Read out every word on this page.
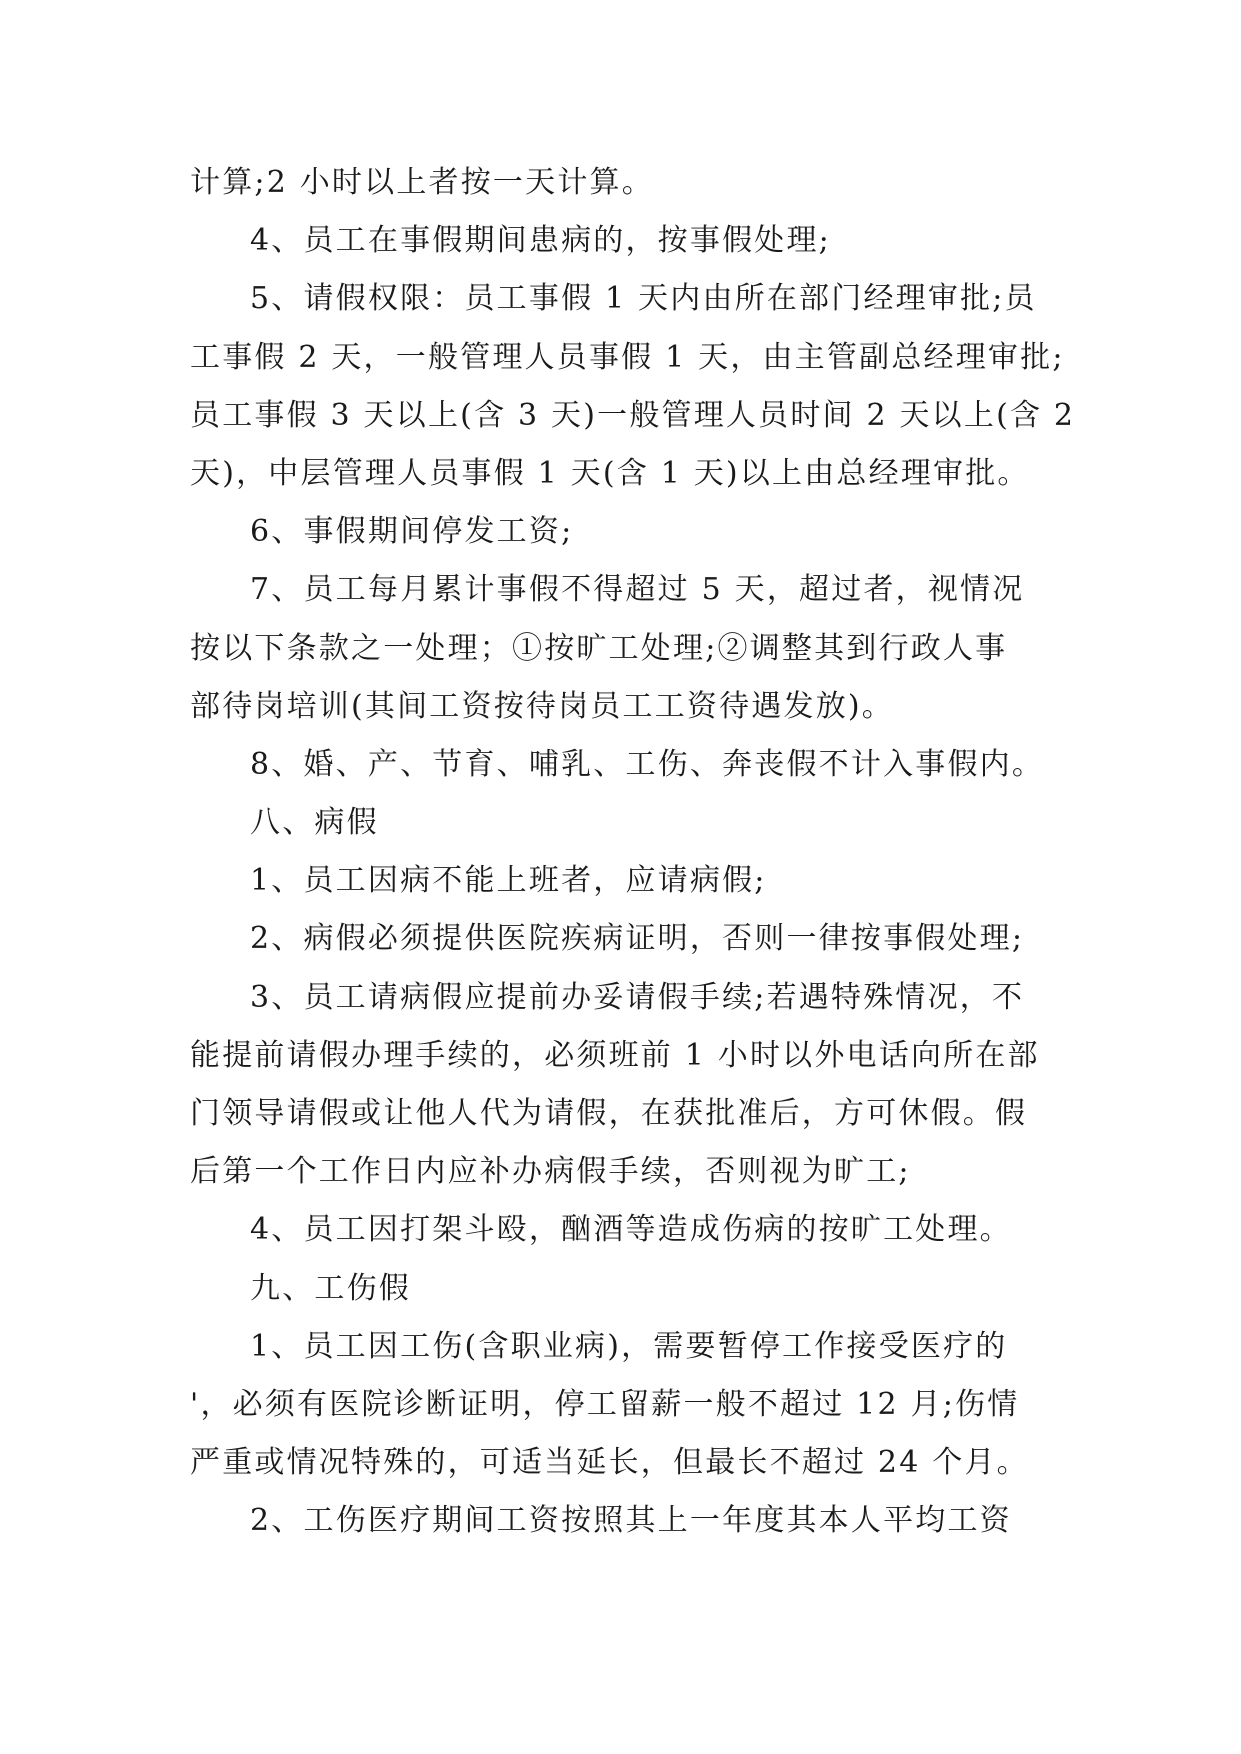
计算;2 小时以上者按一天计算。
4、员工在事假期间患病的，按事假处理;
5、请假权限：员工事假 1 天内由所在部门经理审批;员
工事假 2 天，一般管理人员事假 1 天，由主管副总经理审批;
员工事假 3 天以上(含 3 天)一般管理人员时间 2 天以上(含 2
天)，中层管理人员事假 1 天(含 1 天)以上由总经理审批。
6、事假期间停发工资;
7、员工每月累计事假不得超过 5 天，超过者，视情况
按以下条款之一处理；①按旷工处理;②调整其到行政人事
部待岗培训(其间工资按待岗员工工资待遇发放)。
8、婚、产、节育、哺乳、工伤、奔丧假不计入事假内。
八、病假
1、员工因病不能上班者，应请病假;
2、病假必须提供医院疾病证明，否则一律按事假处理;
3、员工请病假应提前办妥请假手续;若遇特殊情况，不
能提前请假办理手续的，必须班前 1 小时以外电话向所在部
门领导请假或让他人代为请假，在获批准后，方可休假。假
后第一个工作日内应补办病假手续，否则视为旷工;
4、员工因打架斗殴，酗酒等造成伤病的按旷工处理。
九、工伤假
1、员工因工伤(含职业病)，需要暂停工作接受医疗的
'，必须有医院诊断证明，停工留薪一般不超过 12 月;伤情
严重或情况特殊的，可适当延长，但最长不超过 24 个月。
2、工伤医疗期间工资按照其上一年度其本人平均工资
